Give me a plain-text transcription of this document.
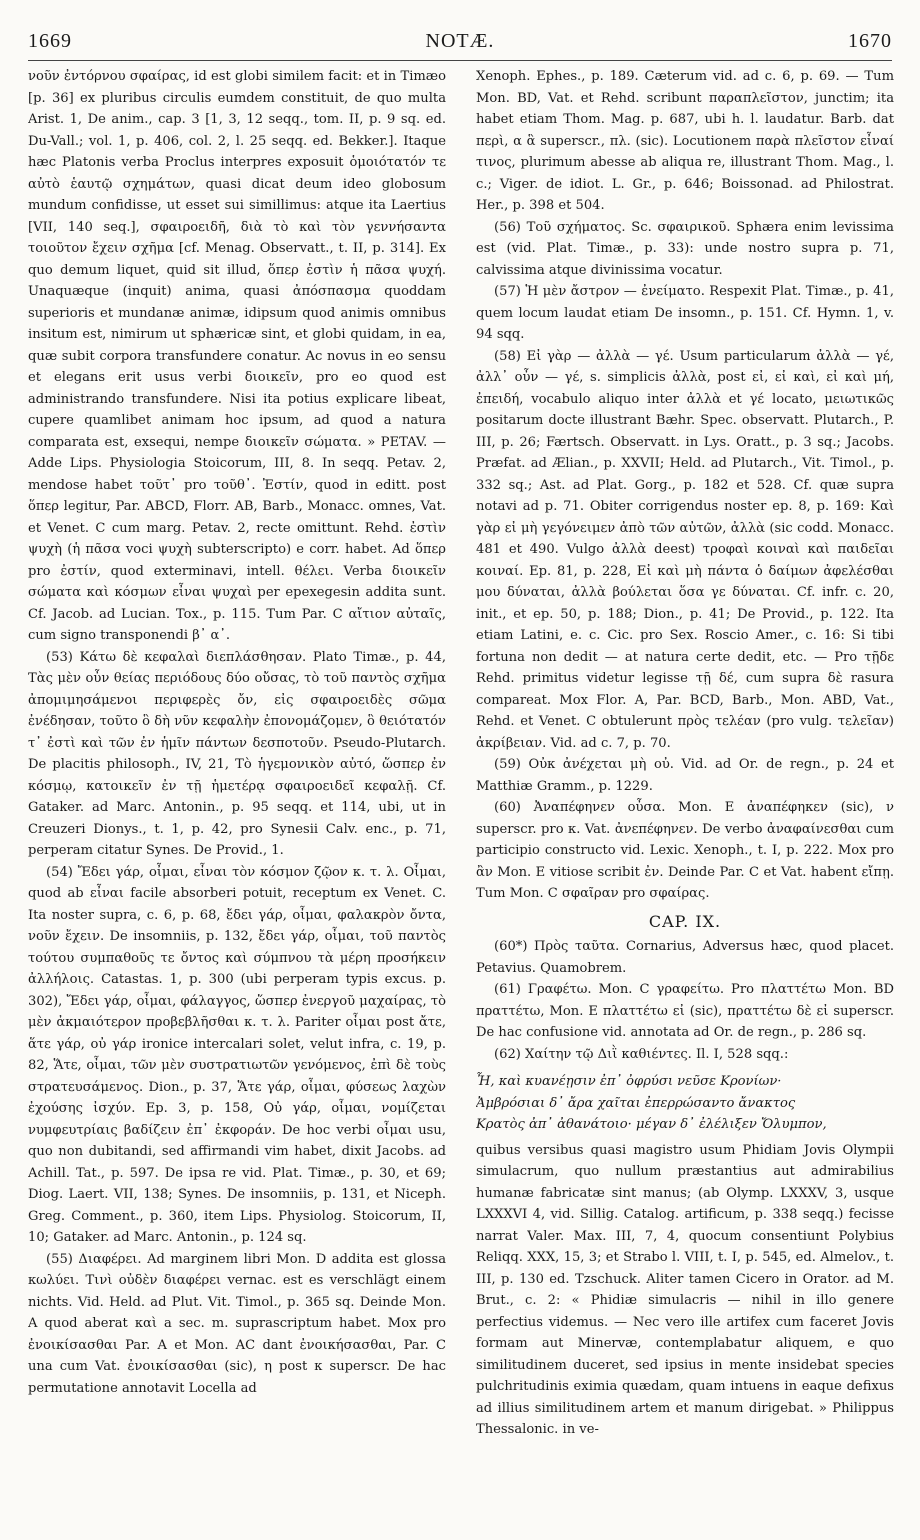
1669	NOTÆ.	1670

νοῦν ἐντόρνου σφαίρας, id est globi similem facit: et in Timæo [p. 36] ex pluribus circulis eumdem constituit, de quo multa Arist. 1, De anim., cap. 3 [1, 3, 12 seqq., tom. II, p. 9 sq. ed. Du-Vall.; vol. 1, p. 406, col. 2, l. 25 seqq. ed. Bekker.]. Itaque hæc Platonis verba Proclus interpres exposuit ὁμοιότατόν τε αὐτὸ ἑαυτῷ σχημάτων, quasi dicat deum ideo globosum mundum confidisse, ut esset sui simillimus: atque ita Laertius [VII, 140 seq.], σφαιροειδῆ, διὰ τὸ καὶ τὸν γεννήσαντα τοιοῦτον ἔχειν σχῆμα [cf. Menag. Observatt., t. II, p. 314]. Ex quo demum liquet, quid sit illud, ὅπερ ἐστὶν ἡ πᾶσα ψυχή. Unaquæque (inquit) anima, quasi ἀπόσπασμα quoddam superioris et mundanæ animæ, idipsum quod animis omnibus insitum est, nimirum ut sphæricæ sint, et globi quidam, in ea, quæ subit corpora transfundere conatur. Ac novus in eo sensu et elegans erit usus verbi διοικεῖν, pro eo quod est administrando transfundere. Nisi ita potius explicare libeat, cupere quamlibet animam hoc ipsum, ad quod a natura comparata est, exsequi, nempe διοικεῖν σώματα. » PETAV. — Adde Lips. Physiologia Stoicorum, III, 8. In seqq. Petav. 2, mendose habet τοῦτ᾽ pro τοῦθ᾽. Ἐστίν, quod in editt. post ὅπερ legitur, Par. ABCD, Florr. AB, Barb., Monacc. omnes, Vat. et Venet. C cum marg. Petav. 2, recte omittunt. Rehd. ἐστὶν ψυχὴ (ἡ πᾶσα voci ψυχὴ subterscripto) e corr. habet. Ad ὅπερ pro ἐστίν, quod exterminavi, intell. θέλει. Verba διοικεῖν σώματα καὶ κόσμων εἶναι ψυχαὶ per epexegesin addita sunt. Cf. Jacob. ad Lucian. Tox., p. 115. Tum Par. C αἴτιον αὐταῖς, cum signo transponendi β᾽ α᾽.

(53) Κάτω δὲ κεφαλαὶ διεπλάσθησαν. Plato Timæ., p. 44, Τὰς μὲν οὖν θείας περιόδους δύο οὔσας, τὸ τοῦ παντὸς σχῆμα ἀπομιμησάμενοι περιφερὲς ὄν, εἰς σφαιροειδὲς σῶμα ἐνέδησαν, τοῦτο ὃ δὴ νῦν κεφαλὴν ἐπονομάζομεν, ὃ θειότατόν τ᾽ ἐστὶ καὶ τῶν ἐν ἡμῖν πάντων δεσποτοῦν. Pseudo-Plutarch. De placitis philosoph., IV, 21, Τὸ ἡγεμονικὸν αὐτό, ὥσπερ ἐν κόσμῳ, κατοικεῖν ἐν τῇ ἡμετέρᾳ σφαιροειδεῖ κεφαλῇ. Cf. Gataker. ad Marc. Antonin., p. 95 seqq. et 114, ubi, ut in Creuzeri Dionys., t. 1, p. 42, pro Synesii Calv. enc., p. 71, perperam citatur Synes. De Provid., 1.

(54) Ἔδει γάρ, οἶμαι, εἶναι τὸν κόσμον ζῷον κ. τ. λ. Οἶμαι, quod ab εἶναι facile absorberi potuit, receptum ex Venet. C. Ita noster supra, c. 6, p. 68, ἔδει γάρ, οἶμαι, φαλακρὸν ὄντα, νοῦν ἔχειν. De insomniis, p. 132, ἔδει γάρ, οἶμαι, τοῦ παντὸς τούτου συμπαθοῦς τε ὄντος καὶ σύμπνου τὰ μέρη προσήκειν ἀλλήλοις. Catastas. 1, p. 300 (ubi perperam typis excus. p. 302), Ἔδει γάρ, οἶμαι, φάλαγγος, ὥσπερ ἐνεργοῦ μαχαίρας, τὸ μὲν ἀκμαιότερον προβεβλῆσθαι κ. τ. λ. Pariter οἶμαι post ἄτε, ἅτε γάρ, οὐ γάρ ironice intercalari solet, velut infra, c. 19, p. 82, Ἅτε, οἶμαι, τῶν μὲν συστρατιωτῶν γενόμενος, ἐπὶ δὲ τοὺς στρατευσάμενος. Dion., p. 37, Ἅτε γάρ, οἶμαι, φύσεως λαχὼν ἐχούσης ἰσχύν. Ep. 3, p. 158, Οὐ γάρ, οἶμαι, νομίζεται νυμφευτρίαις βαδίζειν ἐπ᾽ ἐκφοράν. De hoc verbi οἶμαι usu, quo non dubitandi, sed affirmandi vim habet, dixit Jacobs. ad Achill. Tat., p. 597. De ipsa re vid. Plat. Timæ., p. 30, et 69; Diog. Laert. VII, 138; Synes. De insomniis, p. 131, et Niceph. Greg. Comment., p. 360, item Lips. Physiolog. Stoicorum, II, 10; Gataker. ad Marc. Antonin., p. 124 sq.

(55) Διαφέρει. Ad marginem libri Mon. D addita est glossa κωλύει. Τινὶ οὐδὲν διαφέρει vernac. est es verschlägt einem nichts. Vid. Held. ad Plut. Vit. Timol., p. 365 sq. Deinde Mon. A quod aberat καὶ a sec. m. suprascriptum habet. Mox pro ἐνοικίσασθαι Par. A et Mon. AC dant ἐνοικήσασθαι, Par. C una cum Vat. ἐνοικίσασθαι (sic), η post κ superscr. De hac permutatione annotavit Locella ad

Xenoph. Ephes., p. 189. Cæterum vid. ad c. 6, p. 69. — Tum Mon. BD, Vat. et Rehd. scribunt παραπλεῖστον, junctim; ita habet etiam Thom. Mag. p. 687, ubi h. l. laudatur. Barb. dat περὶ, α ἃ superscr., πλ. (sic). Locutionem παρὰ πλεῖστον εἶναί τινος, plurimum abesse ab aliqua re, illustrant Thom. Mag., l. c.; Viger. de idiot. L. Gr., p. 646; Boissonad. ad Philostrat. Her., p. 398 et 504.

(56) Τοῦ σχήματος. Sc. σφαιρικοῦ. Sphæra enim levissima est (vid. Plat. Timæ., p. 33): unde nostro supra p. 71, calvissima atque divinissima vocatur.

(57) Ἡ μὲν ἄστρον — ἐνείματο. Respexit Plat. Timæ., p. 41, quem locum laudat etiam De insomn., p. 151. Cf. Hymn. 1, v. 94 sqq.

(58) Εἰ γὰρ — ἀλλὰ — γέ. Usum particularum ἀλλὰ — γέ, ἀλλ᾽ οὖν — γέ, s. simplicis ἀλλὰ, post εἰ, εἰ καὶ, εἰ καὶ μή, ἐπειδή, vocabulo aliquo inter ἀλλὰ et γέ locato, μειωτικῶς positarum docte illustrant Bæhr. Spec. observatt. Plutarch., P. III, p. 26; Færtsch. Observatt. in Lys. Oratt., p. 3 sq.; Jacobs. Præfat. ad Ælian., p. XXVII; Held. ad Plutarch., Vit. Timol., p. 332 sq.; Ast. ad Plat. Gorg., p. 182 et 528. Cf. quæ supra notavi ad p. 71. Obiter corrigendus noster ep. 8, p. 169: Καὶ γὰρ εἰ μὴ γεγόνειμεν ἀπὸ τῶν αὐτῶν, ἀλλὰ (sic codd. Monacc. 481 et 490. Vulgo ἀλλὰ deest) τροφαὶ κοιναὶ καὶ παιδεῖαι κοιναί. Ep. 81, p. 228, Εἰ καὶ μὴ πάντα ὁ δαίμων ἀφελέσθαι μου δύναται, ἀλλὰ βούλεται ὅσα γε δύναται. Cf. infr. c. 20, init., et ep. 50, p. 188; Dion., p. 41; De Provid., p. 122. Ita etiam Latini, e. c. Cic. pro Sex. Roscio Amer., c. 16: Si tibi fortuna non dedit — at natura certe dedit, etc. — Pro τῇδε Rehd. primitus videtur legisse τῇ δέ, cum supra δὲ rasura compareat. Mox Flor. A, Par. BCD, Barb., Mon. ABD, Vat., Rehd. et Venet. C obtulerunt πρὸς τελέαν (pro vulg. τελεῖαν) ἀκρίβειαν. Vid. ad c. 7, p. 70.

(59) Οὐκ ἀνέχεται μὴ οὐ. Vid. ad Or. de regn., p. 24 et Matthiæ Gramm., p. 1229.

(60) Ἀναπέφηνεν οὖσα. Mon. E ἀναπέφηκεν (sic), ν superscr. pro κ. Vat. ἀνεπέφηνεν. De verbo ἀναφαίνεσθαι cum participio constructo vid. Lexic. Xenoph., t. I, p. 222. Mox pro ἂν Mon. E vitiose scribit ἐν. Deinde Par. C et Vat. habent εἴπῃ. Tum Mon. C σφαῖραν pro σφαίρας.

CAP. IX.

(60*) Πρὸς ταῦτα. Cornarius, Adversus hæc, quod placet. Petavius. Quamobrem.

(61) Γραφέτω. Mon. C γραφείτω. Pro πλαττέτω Mon. BD πραττέτω, Mon. E πλαττέτω εἰ (sic), πραττέτω δὲ εἰ superscr. De hac confusione vid. annotata ad Or. de regn., p. 286 sq.

(62) Χαίτην τῷ Διῒ καθιέντες. Il. I, 528 sqq.:

Ἦ, καὶ κυανέῃσιν ἐπ᾽ ὀφρύσι νεῦσε Κρονίων·

Ἀμβρόσιαι δ᾽ ἄρα χαῖται ἐπερρώσαντο ἄνακτος

Κρατὸς ἀπ᾽ ἀθανάτοιο· μέγαν δ᾽ ἐλέλιξεν Ὄλυμπον,

quibus versibus quasi magistro usum Phidiam Jovis Olympii simulacrum, quo nullum præstantius aut admirabilius humanæ fabricatæ sint manus; (ab Olymp. LXXXV, 3, usque LXXXVI 4, vid. Sillig. Catalog. artificum, p. 338 seqq.) fecisse narrat Valer. Max. III, 7, 4, quocum consentiunt Polybius Reliqq. XXX, 15, 3; et Strabo l. VIII, t. I, p. 545, ed. Almelov., t. III, p. 130 ed. Tzschuck. Aliter tamen Cicero in Orator. ad M. Brut., c. 2: « Phidiæ simulacris — nihil in illo genere perfectius videmus. — Nec vero ille artifex cum faceret Jovis formam aut Minervæ, contemplabatur aliquem, e quo similitudinem duceret, sed ipsius in mente insidebat species pulchritudinis eximia quædam, quam intuens in eaque defixus ad illius similitudinem artem et manum dirigebat. » Philippus Thessalonic. in ve-
